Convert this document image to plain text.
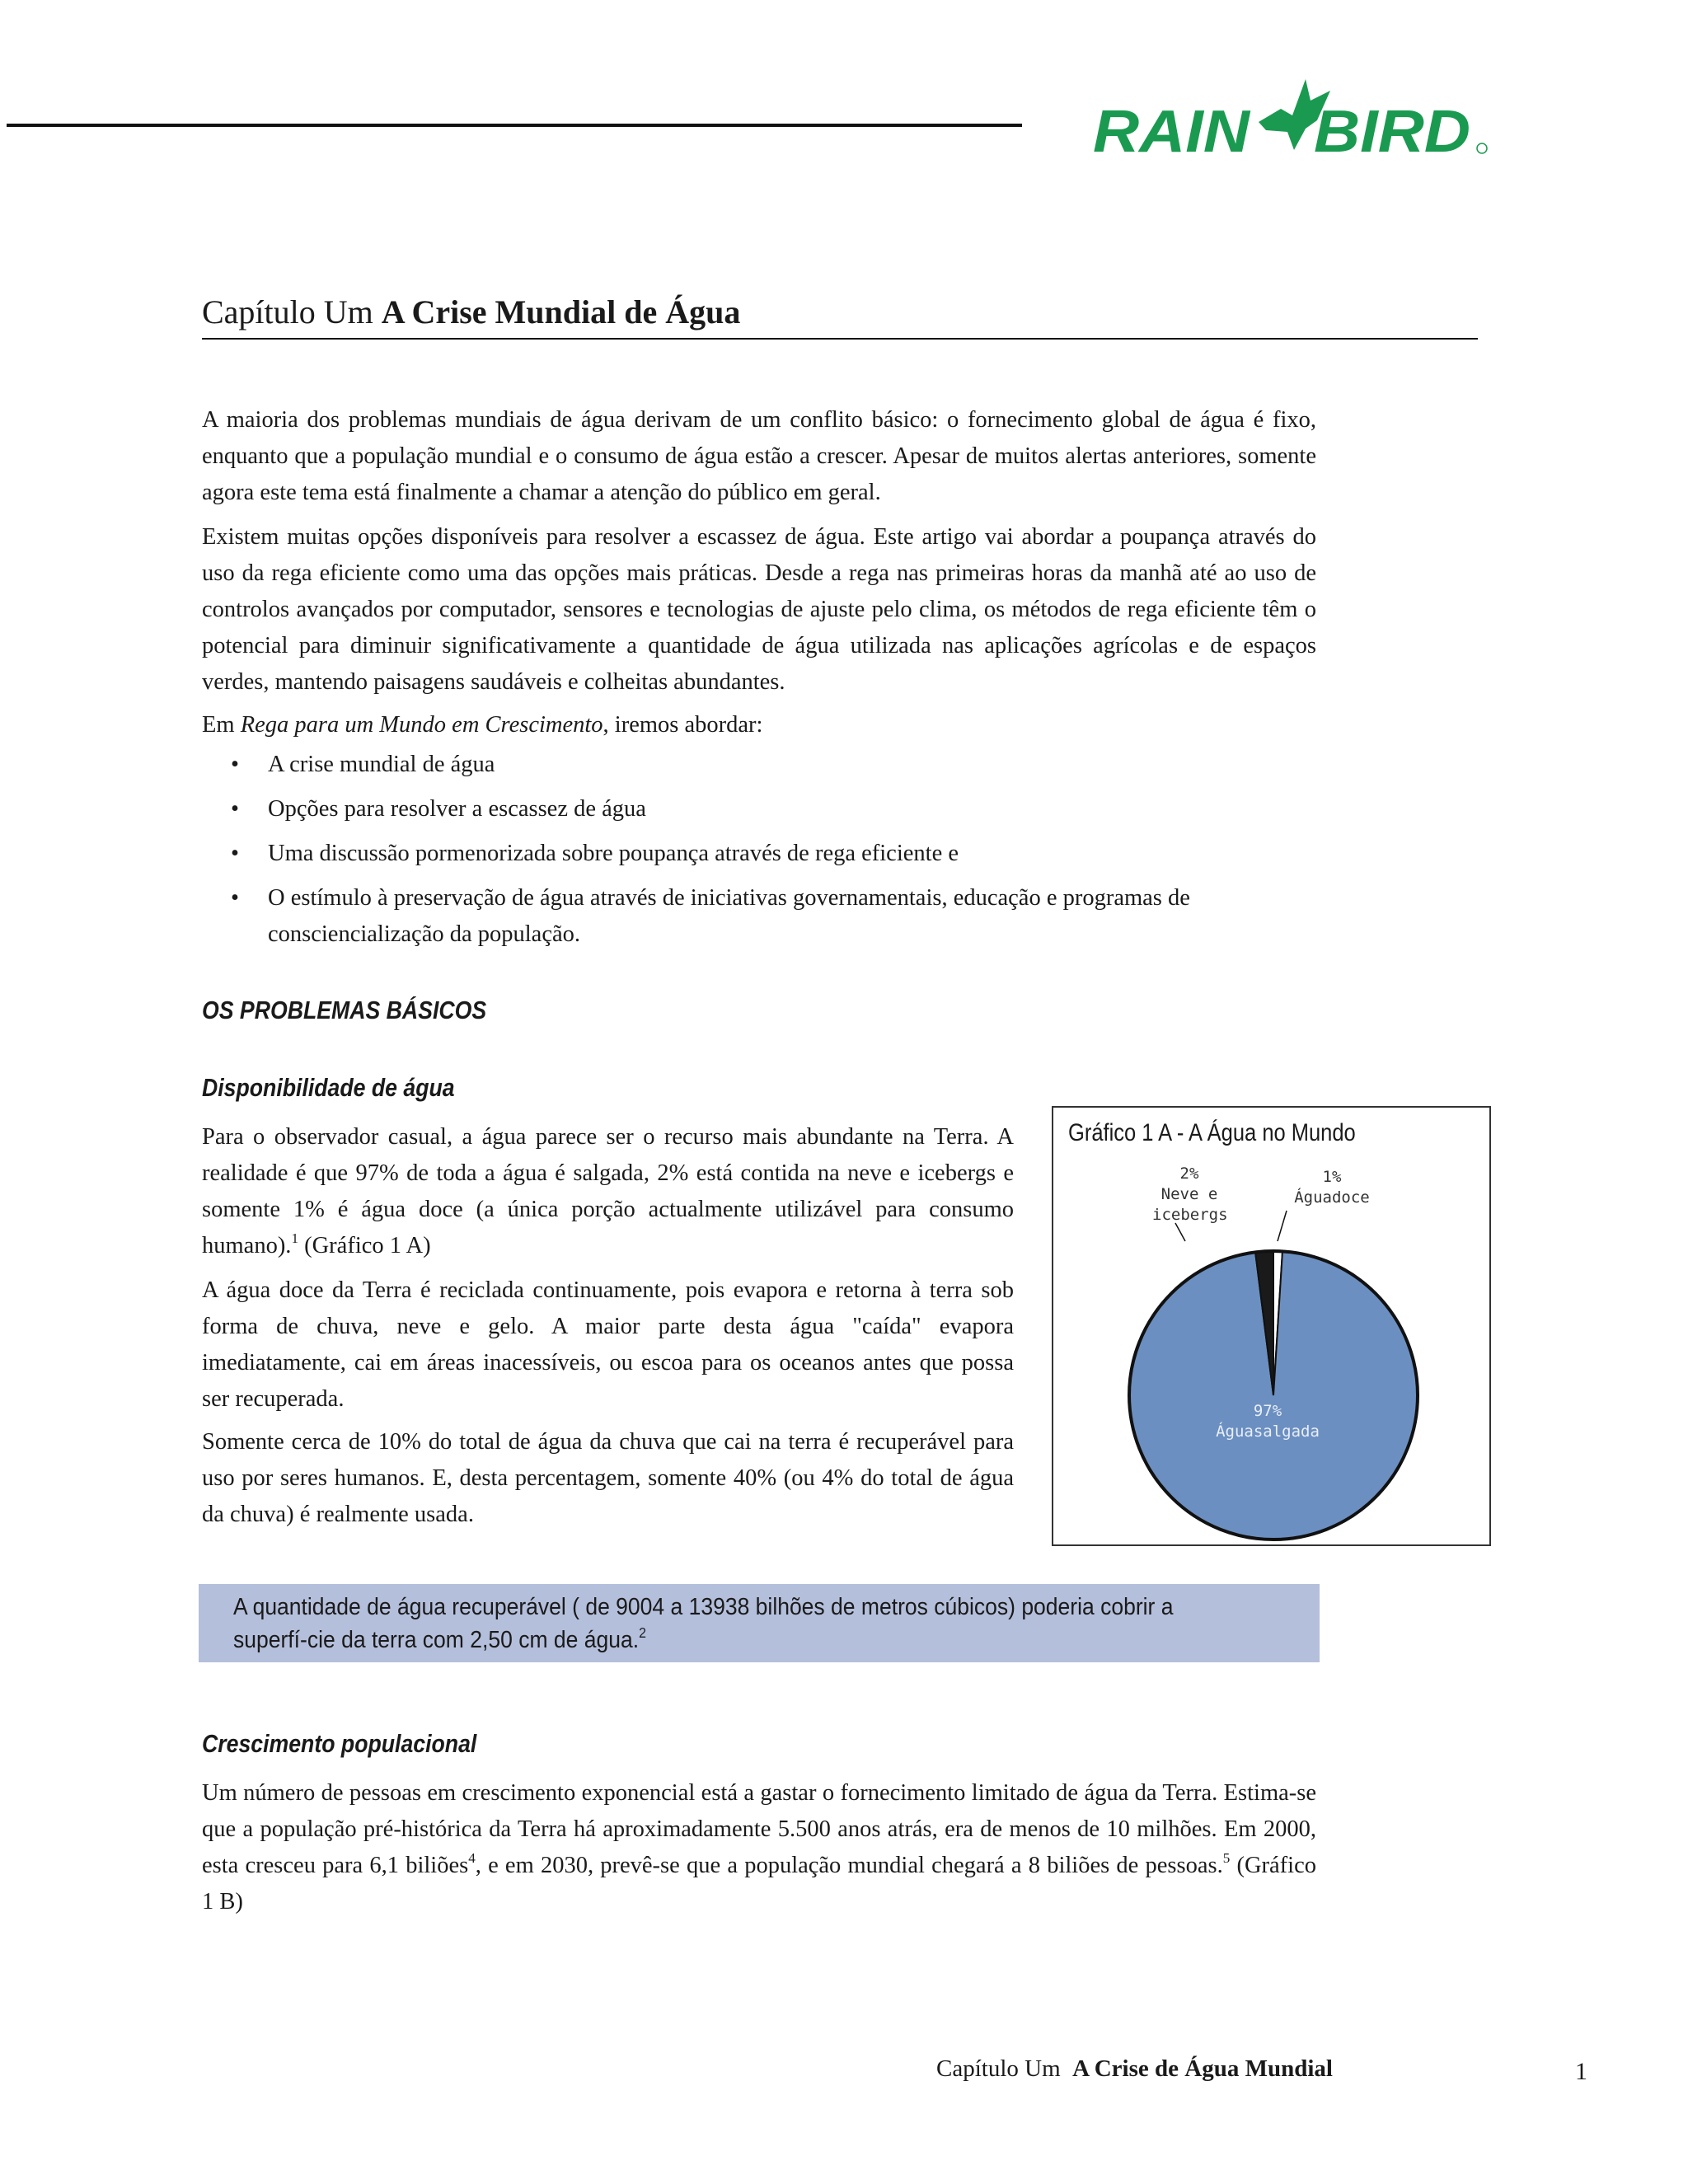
RAIN BIRD
Capítulo Um A Crise Mundial de Água
A maioria dos problemas mundiais de água derivam de um conflito básico: o fornecimento global de água é fixo, enquanto que a população mundial e o consumo de água estão a crescer. Apesar de muitos alertas anteriores, somente agora este tema está finalmente a chamar a atenção do público em geral.
Existem muitas opções disponíveis para resolver a escassez de água. Este artigo vai abordar a poupança através do uso da rega eficiente como uma das opções mais práticas. Desde a rega nas primeiras horas da manhã até ao uso de controlos avançados por computador, sensores e tecnologias de ajuste pelo clima, os métodos de rega eficiente têm o potencial para diminuir significativamente a quantidade de água utilizada nas aplicações agrícolas e de espaços verdes, mantendo paisagens saudáveis e colheitas abundantes.
Em Rega para um Mundo em Crescimento, iremos abordar:
• A crise mundial de água
• Opções para resolver a escassez de água
• Uma discussão pormenorizada sobre poupança através de rega eficiente e
• O estímulo à preservação de água através de iniciativas governamentais, educação e programas de consciencialização da população.
OS PROBLEMAS BÁSICOS
Disponibilidade de água
Para o observador casual, a água parece ser o recurso mais abundante na Terra. A realidade é que 97% de toda a água é salgada, 2% está contida na neve e icebergs e somente 1% é água doce (a única porção actualmente utilizável para consumo humano).$^1$ (Gráfico 1 A)
A água doce da Terra é reciclada continuamente, pois evapora e retorna à terra sob forma de chuva, neve e gelo. A maior parte desta água "caída" evapora imediatamente, cai em áreas inacessíveis, ou escoa para os oceanos antes que possa ser recuperada.
Somente cerca de 10% do total de água da chuva que cai na terra é recuperável para uso por seres humanos. E, desta percentagem, somente 40% (ou 4% do total de água da chuva) é realmente usada.
Gráfico 1 A - A Água no Mundo
2%
Neve e
icebergs
1%
Águadoce
97%
Águasalgada
A quantidade de água recuperável ( de 9004 a 13938 bilhões de metros cúbicos) poderia cobrir a superfí-cie da terra com 2,50 cm de água.$^2$
Crescimento populacional
Um número de pessoas em crescimento exponencial está a gastar o fornecimento limitado de água da Terra. Estima-se que a população pré-histórica da Terra há aproximadamente 5.500 anos atrás, era de menos de 10 milhões. Em 2000, esta cresceu para 6,1 biliões$^4$, e em 2030, prevê-se que a população mundial chegará a 8 biliões de pessoas.$^5$ (Gráfico 1 B)
Capítulo Um A Crise de Água Mundial	1
